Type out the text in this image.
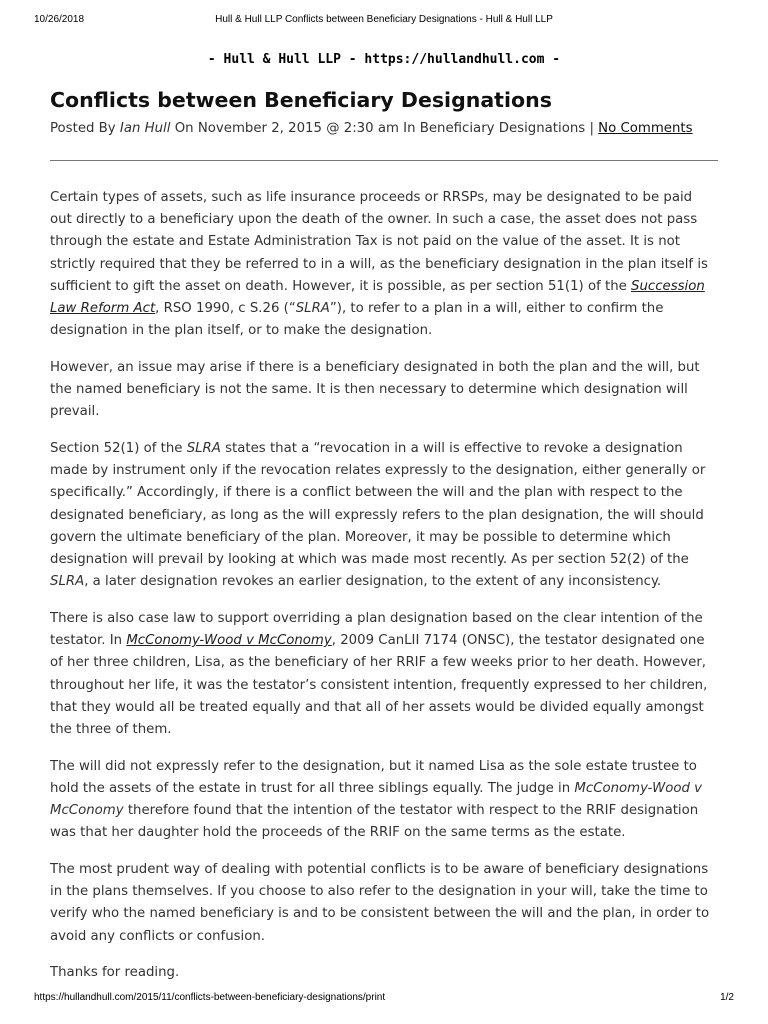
10/26/2018	Hull & Hull LLP Conflicts between Beneficiary Designations - Hull & Hull LLP
- Hull & Hull LLP - https://hullandhull.com -
Conflicts between Beneficiary Designations
Posted By Ian Hull On November 2, 2015 @ 2:30 am In Beneficiary Designations | No Comments

Certain types of assets, such as life insurance proceeds or RRSPs, may be designated to be paid out directly to a beneficiary upon the death of the owner. In such a case, the asset does not pass through the estate and Estate Administration Tax is not paid on the value of the asset. It is not strictly required that they be referred to in a will, as the beneficiary designation in the plan itself is sufficient to gift the asset on death. However, it is possible, as per section 51(1) of the Succession Law Reform Act, RSO 1990, c S.26 (“SLRA”), to refer to a plan in a will, either to confirm the designation in the plan itself, or to make the designation.

However, an issue may arise if there is a beneficiary designated in both the plan and the will, but the named beneficiary is not the same. It is then necessary to determine which designation will prevail.

Section 52(1) of the SLRA states that a “revocation in a will is effective to revoke a designation made by instrument only if the revocation relates expressly to the designation, either generally or specifically.” Accordingly, if there is a conflict between the will and the plan with respect to the designated beneficiary, as long as the will expressly refers to the plan designation, the will should govern the ultimate beneficiary of the plan. Moreover, it may be possible to determine which designation will prevail by looking at which was made most recently. As per section 52(2) of the SLRA, a later designation revokes an earlier designation, to the extent of any inconsistency.

There is also case law to support overriding a plan designation based on the clear intention of the testator. In McConomy-Wood v McConomy, 2009 CanLII 7174 (ONSC), the testator designated one of her three children, Lisa, as the beneficiary of her RRIF a few weeks prior to her death. However, throughout her life, it was the testator’s consistent intention, frequently expressed to her children, that they would all be treated equally and that all of her assets would be divided equally amongst the three of them.

The will did not expressly refer to the designation, but it named Lisa as the sole estate trustee to hold the assets of the estate in trust for all three siblings equally. The judge in McConomy-Wood v McConomy therefore found that the intention of the testator with respect to the RRIF designation was that her daughter hold the proceeds of the RRIF on the same terms as the estate.

The most prudent way of dealing with potential conflicts is to be aware of beneficiary designations in the plans themselves. If you choose to also refer to the designation in your will, take the time to verify who the named beneficiary is and to be consistent between the will and the plan, in order to avoid any conflicts or confusion.

Thanks for reading.

https://hullandhull.com/2015/11/conflicts-between-beneficiary-designations/print	1/2
